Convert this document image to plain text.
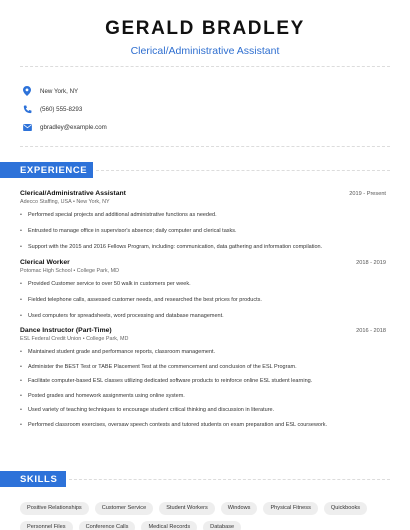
GERALD BRADLEY
Clerical/Administrative Assistant
New York, NY
(560) 555-8293
gbradley@example.com
EXPERIENCE
Clerical/Administrative Assistant	2019 - Present
Adecco Staffing, USA • New York, NY
• Performed special projects and additional administrative functions as needed.
• Entrusted to manage office in supervisor's absence; daily computer and clerical tasks.
• Support with the 2015 and 2016 Fellows Program, including: communication, data gathering and information compilation.
Clerical Worker	2018 - 2019
Potomac High School • College Park, MD
• Provided Customer service to over 50 walk in customers per week.
• Fielded telephone calls, assessed customer needs, and researched the best prices for products.
• Used computers for spreadsheets, word processing and database management.
Dance Instructor (Part-Time)	2016 - 2018
ESL Federal Credit Union • College Park, MD
• Maintained student grade and performance reports, classroom management.
• Administer the BEST Test or TABE Placement Test at the commencement and conclusion of the ESL Program.
• Facilitate computer-based ESL classes utilizing dedicated software products to reinforce online ESL student learning.
• Posted grades and homework assignments using online system.
• Used variety of teaching techniques to encourage student critical thinking and discussion in literature.
• Performed classroom exercises, oversaw speech contests and tutored students on exam preparation and ESL coursework.
SKILLS
Positive Relationships	Customer Service	Student Workers	Windows	Physical Fitness	Quickbooks
Personnel Files	Conference Calls	Medical Records	Database
